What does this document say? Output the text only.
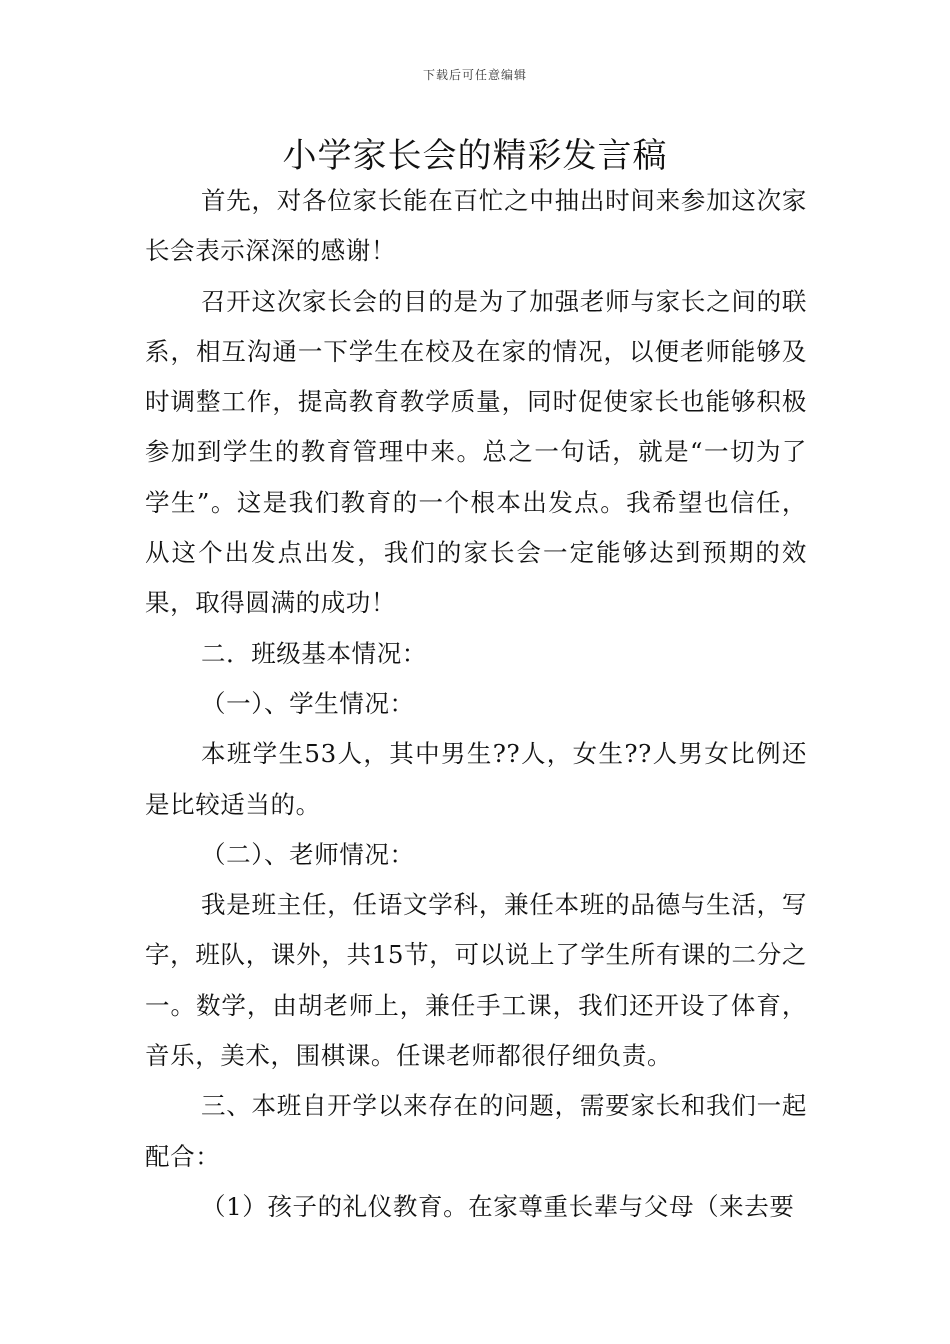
下载后可任意编辑
小学家长会的精彩发言稿

首先，对各位家长能在百忙之中抽出时间来参加这次家长会表示深深的感谢！

召开这次家长会的目的是为了加强老师与家长之间的联系，相互沟通一下学生在校及在家的情况，以便老师能够及时调整工作，提高教育教学质量，同时促使家长也能够积极参加到学生的教育管理中来。总之一句话，就是“一切为了学生”。这是我们教育的一个根本出发点。我希望也信任，从这个出发点出发，我们的家长会一定能够达到预期的效果，取得圆满的成功！

二．班级基本情况：

（一）、学生情况：

本班学生53人，其中男生??人，女生??人男女比例还是比较适当的。

（二）、老师情况：

我是班主任，任语文学科，兼任本班的品德与生活，写字，班队，课外，共15节，可以说上了学生所有课的二分之一。数学，由胡老师上，兼任手工课，我们还开设了体育，音乐，美术，围棋课。任课老师都很仔细负责。

三、本班自开学以来存在的问题，需要家长和我们一起配合：

（1）孩子的礼仪教育。在家尊重长辈与父母（来去要
